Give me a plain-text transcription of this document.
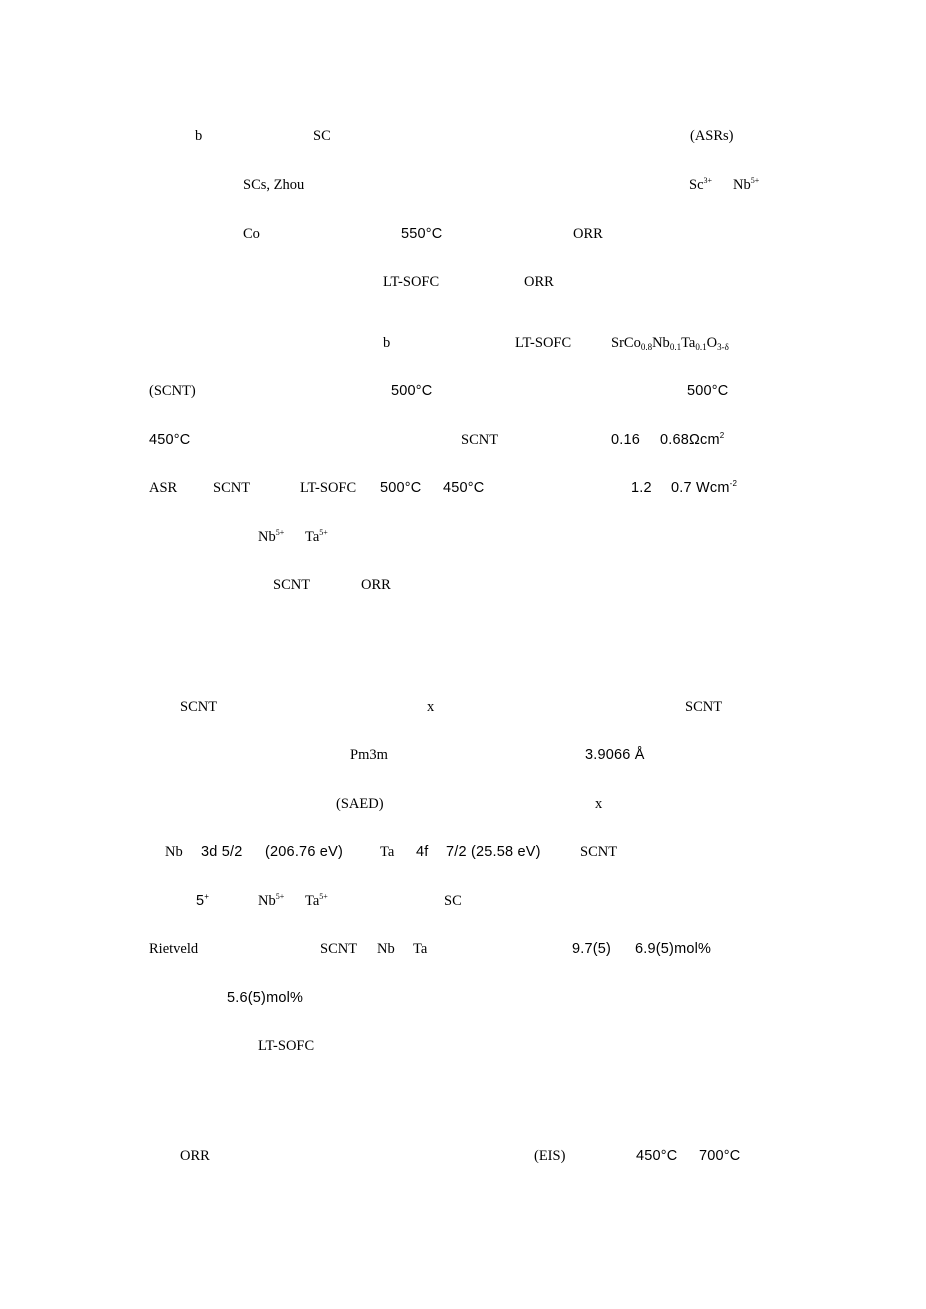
b	SC	(ASRs)
SCs, Zhou	$Sc^{3+}$ $Nb^{5+}$
Co	550°C	ORR
LT-SOFC	ORR
b	LT-SOFC	$SrCo_{0.8}Nb_{0.1}Ta_{0.1}O_{3-\delta}$
(SCNT)	500°C	500°C
450°C	SCNT	0.16 0.68Ωcm$^2$
ASR SCNT	LT-SOFC 500°C 450°C	1.2 0.7 Wcm$^{-2}$
$Nb^{5+}$ $Ta^{5+}$
SCNT	ORR
SCNT	x	SCNT
Pm3m	3.9066 Å
(SAED)	x
Nb 3d 5/2 (206.76 eV)	Ta 4f 7/2 (25.58 eV)	SCNT
5+	$Nb^{5+}$ $Ta^{5+}$	SC
Rietveld	SCNT Nb Ta	9.7(5) 6.9(5)mol%
5.6(5)mol%
LT-SOFC
ORR	(EIS)	450°C 700°C
